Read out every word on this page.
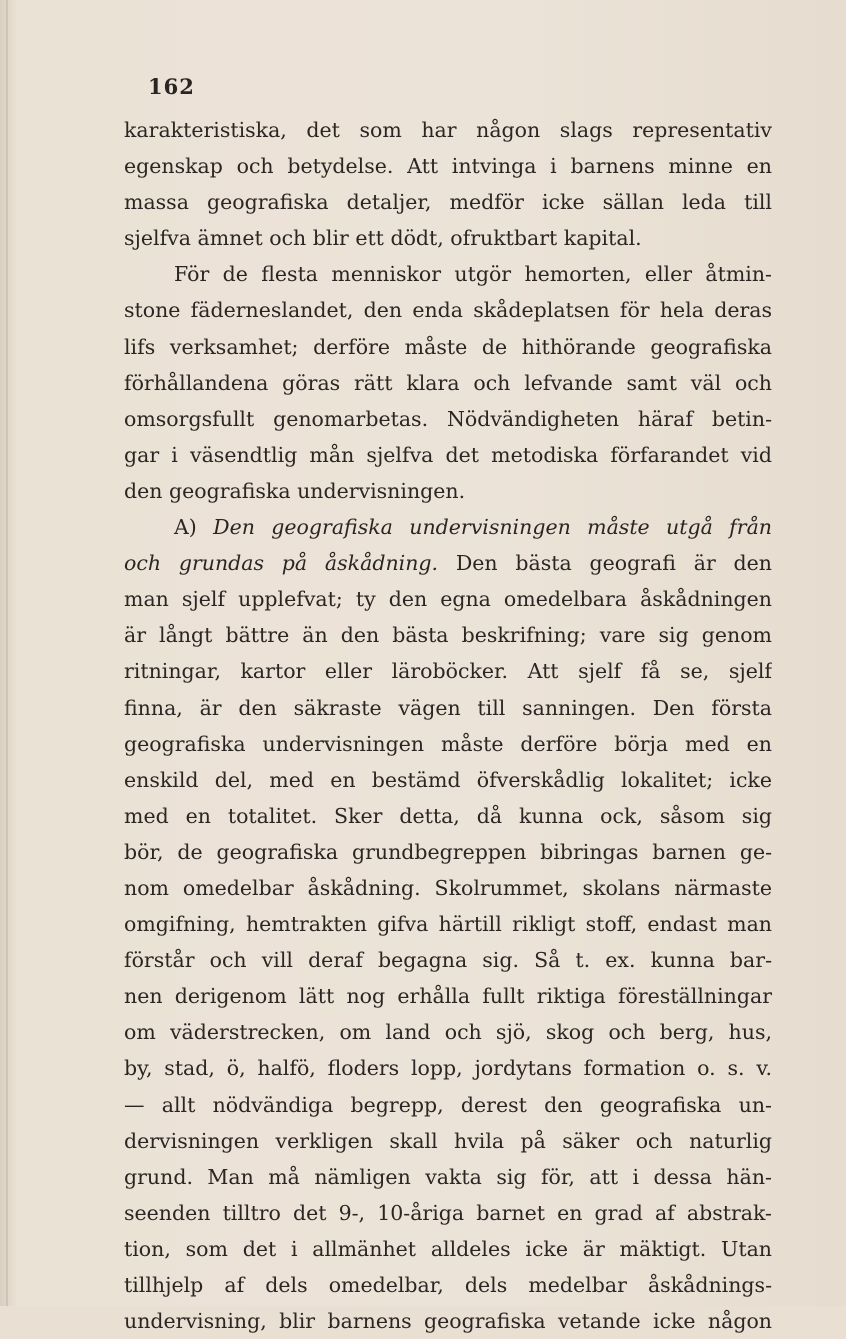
162
karakteristiska, det som har någon slags representativ
egenskap och betydelse. Att intvinga i barnens minne en
massa geografiska detaljer, medför icke sällan leda till
sjelfva ämnet och blir ett dödt, ofruktbart kapital.
För de flesta menniskor utgör hemorten, eller åtmin-
stone fäderneslandet, den enda skådeplatsen för hela deras
lifs verksamhet; derföre måste de hithörande geografiska
förhållandena göras rätt klara och lefvande samt väl och
omsorgsfullt genomarbetas. Nödvändigheten häraf betin-
gar i väsendtlig mån sjelfva det metodiska förfarandet vid
den geografiska undervisningen.
A) Den geografiska undervisningen måste utgå från
och grundas på åskådning. Den bästa geografi är den
man sjelf upplefvat; ty den egna omedelbara åskådningen
är långt bättre än den bästa beskrifning; vare sig genom
ritningar, kartor eller läroböcker. Att sjelf få se, sjelf
finna, är den säkraste vägen till sanningen. Den första
geografiska undervisningen måste derföre börja med en
enskild del, med en bestämd öfverskådlig lokalitet; icke
med en totalitet. Sker detta, då kunna ock, såsom sig
bör, de geografiska grundbegreppen bibringas barnen ge-
nom omedelbar åskådning. Skolrummet, skolans närmaste
omgifning, hemtrakten gifva härtill rikligt stoff, endast man
förstår och vill deraf begagna sig. Så t. ex. kunna bar-
nen derigenom lätt nog erhålla fullt riktiga föreställningar
om väderstrecken, om land och sjö, skog och berg, hus,
by, stad, ö, halfö, floders lopp, jordytans formation o. s. v.
— allt nödvändiga begrepp, derest den geografiska un-
dervisningen verkligen skall hvila på säker och naturlig
grund. Man må nämligen vakta sig för, att i dessa hän-
seenden tilltro det 9-, 10-åriga barnet en grad af abstrak-
tion, som det i allmänhet alldeles icke är mäktigt. Utan
tillhjelp af dels omedelbar, dels medelbar åskådnings-
undervisning, blir barnens geografiska vetande icke någon
